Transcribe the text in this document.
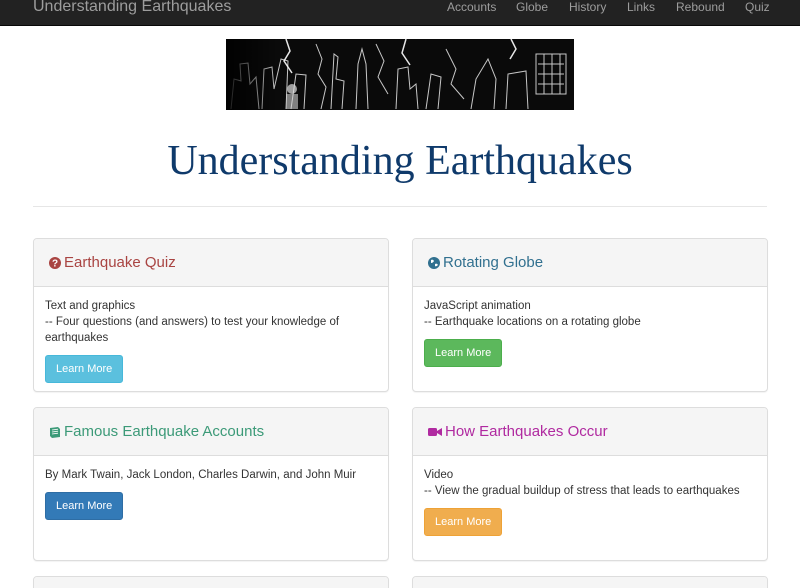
Understanding Earthquakes	Accounts Globe History Links Rebound Quiz
Understanding Earthquakes
? Earthquake Quiz
Text and graphics
-- Four questions (and answers) to test your knowledge of earthquakes
Learn More
Rotating Globe
JavaScript animation
-- Earthquake locations on a rotating globe
Learn More
Famous Earthquake Accounts
By Mark Twain, Jack London, Charles Darwin, and John Muir
Learn More
How Earthquakes Occur
Video
-- View the gradual buildup of stress that leads to earthquakes
Learn More
